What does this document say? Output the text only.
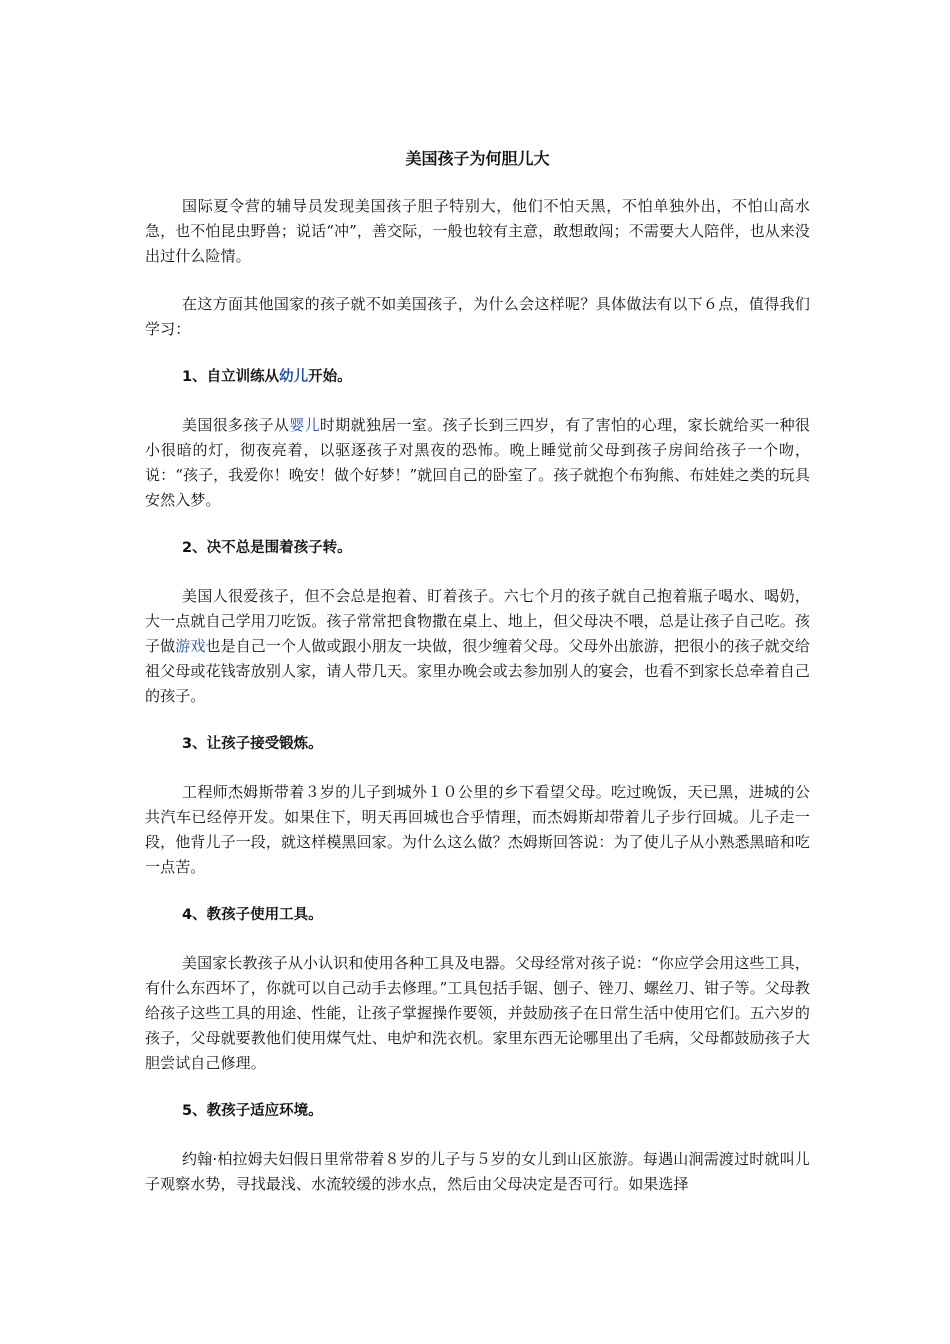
美国孩子为何胆儿大

国际夏令营的辅导员发现美国孩子胆子特别大，他们不怕天黑，不怕单独外出，不怕山高水急，也不怕昆虫野兽；说话“冲”，善交际，一般也较有主意，敢想敢闯；不需要大人陪伴，也从来没出过什么险情。

在这方面其他国家的孩子就不如美国孩子，为什么会这样呢？具体做法有以下６点，值得我们学习：

1、自立训练从幼儿开始。

美国很多孩子从婴儿时期就独居一室。孩子长到三四岁，有了害怕的心理，家长就给买一种很小很暗的灯，彻夜亮着，以驱逐孩子对黑夜的恐怖。晚上睡觉前父母到孩子房间给孩子一个吻，说：“孩子，我爱你！晚安！做个好梦！”就回自己的卧室了。孩子就抱个布狗熊、布娃娃之类的玩具安然入梦。

2、决不总是围着孩子转。

美国人很爱孩子，但不会总是抱着、盯着孩子。六七个月的孩子就自己抱着瓶子喝水、喝奶，大一点就自己学用刀吃饭。孩子常常把食物撒在桌上、地上，但父母决不喂，总是让孩子自己吃。孩子做游戏也是自己一个人做或跟小朋友一块做，很少缠着父母。父母外出旅游，把很小的孩子就交给祖父母或花钱寄放别人家，请人带几天。家里办晚会或去参加别人的宴会，也看不到家长总牵着自己的孩子。

3、让孩子接受锻炼。

工程师杰姆斯带着３岁的儿子到城外１０公里的乡下看望父母。吃过晚饭，天已黑，进城的公共汽车已经停开发。如果住下，明天再回城也合乎情理，而杰姆斯却带着儿子步行回城。儿子走一段，他背儿子一段，就这样模黑回家。为什么这么做？杰姆斯回答说：为了使儿子从小熟悉黑暗和吃一点苦。

4、教孩子使用工具。

美国家长教孩子从小认识和使用各种工具及电器。父母经常对孩子说：“你应学会用这些工具，有什么东西坏了，你就可以自己动手去修理。”工具包括手锯、刨子、锉刀、螺丝刀、钳子等。父母教给孩子这些工具的用途、性能，让孩子掌握操作要领，并鼓励孩子在日常生活中使用它们。五六岁的孩子，父母就要教他们使用煤气灶、电炉和洗衣机。家里东西无论哪里出了毛病，父母都鼓励孩子大胆尝试自己修理。

5、教孩子适应环境。

约翰·柏拉姆夫妇假日里常带着８岁的儿子与５岁的女儿到山区旅游。每遇山涧需渡过时就叫儿子观察水势，寻找最浅、水流较缓的涉水点，然后由父母决定是否可行。如果选择
